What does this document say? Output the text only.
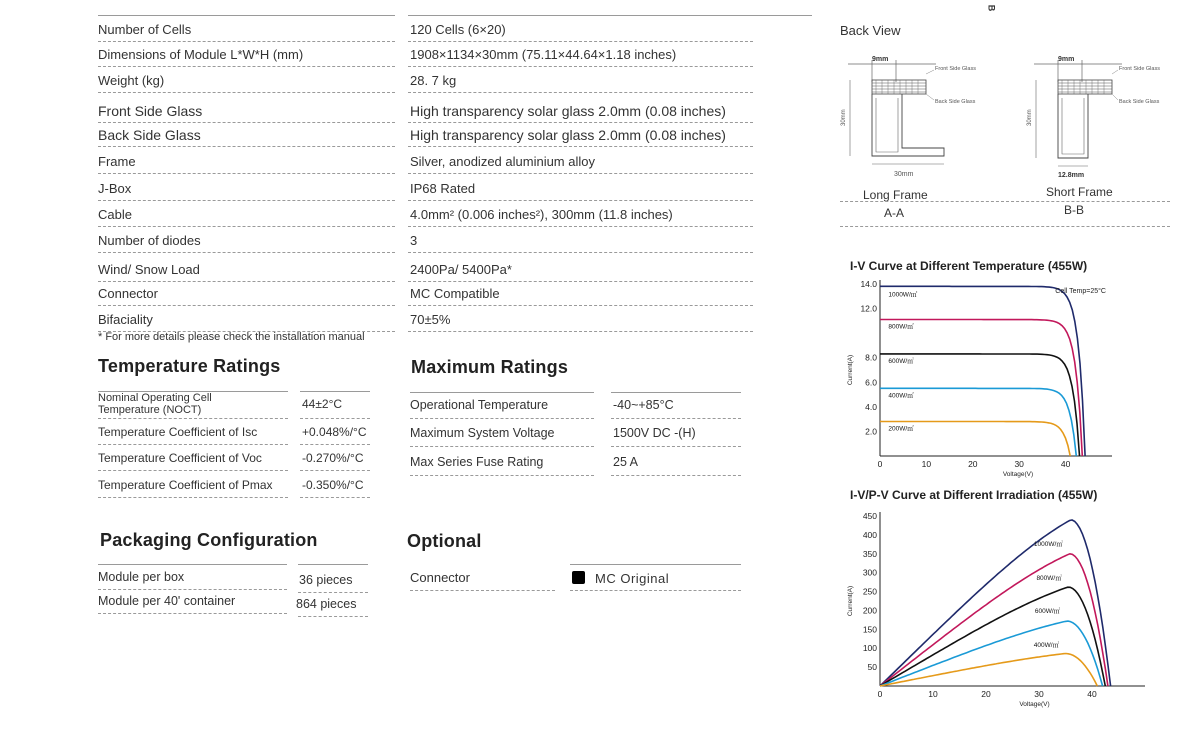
Number of Cells	120 Cells (6×20)
Dimensions of Module L*W*H (mm)	1908×1134×30mm (75.11×44.64×1.18 inches)
Weight (kg)	28. 7 kg
Front Side Glass	High transparency solar glass 2.0mm (0.08 inches)
Back Side Glass	High transparency solar glass 2.0mm (0.08 inches)
Frame	Silver, anodized aluminium alloy
J-Box	IP68 Rated
Cable	4.0mm² (0.006 inches²), 300mm (11.8 inches)
Number of diodes	3
Wind/ Snow Load	2400Pa/ 5400Pa*
Connector	MC Compatible
Bifaciality	70±5%
* For more details please check the installation manual
Temperature Ratings
Nominal Operating Cell Temperature (NOCT)	44±2°C
Temperature Coefficient of Isc	+0.048%/°C
Temperature Coefficient of Voc	-0.270%/°C
Temperature Coefficient of Pmax -0.350%/°C
Maximum Ratings
Operational Temperature	-40~+85°C
Maximum System Voltage	1500V DC -(H)
Max Series Fuse Rating	25 A
Packaging Configuration
Module per box	36 pieces
Module per 40' container	864 pieces
Optional
Connector	MC Original
Back View
B
9mm
Front Side Glass
Back Side Glass
30mm
30mm
Long Frame
A-A
9mm
Front Side Glass
Back Side Glass
30mm
12.8mm
Short Frame
B-B
I-V Curve at Different Temperature (455W)
0	10	20	30	40
2.0
4.0
6.0
8.0
12.0
14.0
Voltage(V)
Current(A)
1000W/㎡
800W/㎡
600W/㎡
400W/㎡
200W/㎡
Cell Temp=25°C
I-V/P-V Curve at Different Irradiation (455W)
0	10	20	30	40
50
100
150
200
250
300
350
400
450
Voltage(V)
Current(A)
1000W/㎡
800W/㎡
600W/㎡
400W/㎡
